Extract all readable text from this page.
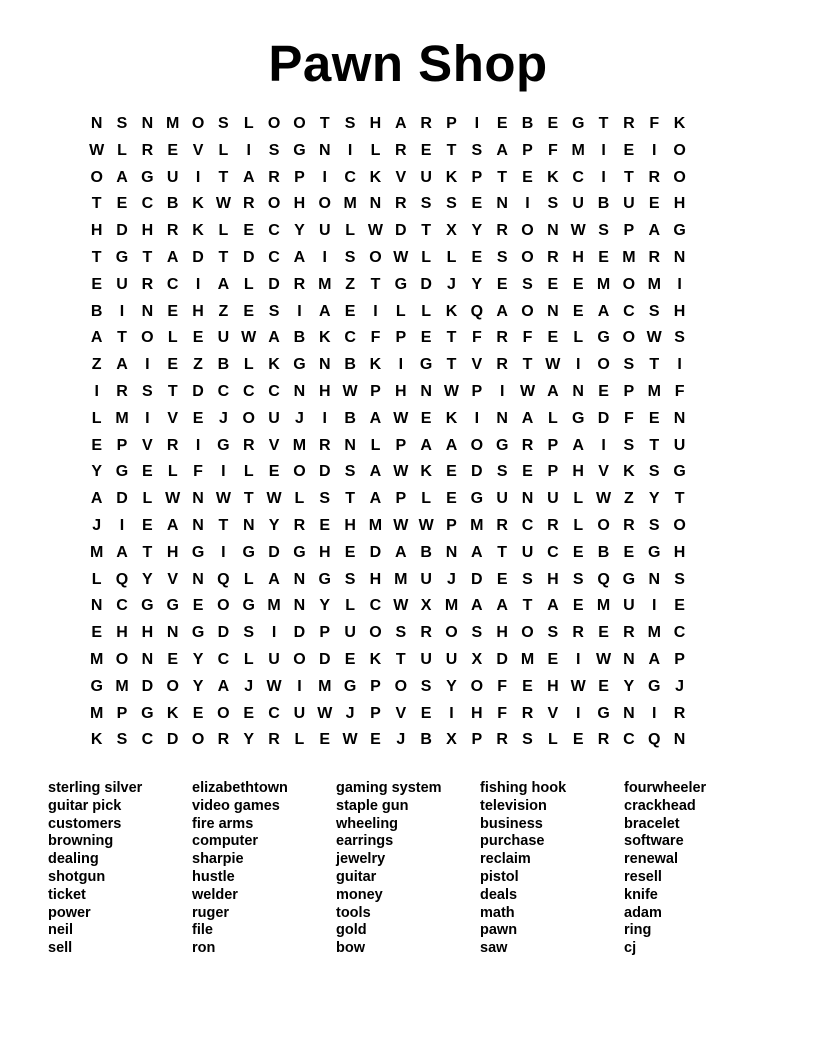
Pawn Shop
N S N M O S L O O T S H A R P	I	E B E G T R F K
W L R E V L	I	S G N	I	L R E T S A P F M	I	E	I	O
O A G U	I	T A R P	I	C K V U K P T E K C	I	T R O
T E C B K W R O H O M N R S S E N	I	S U B U E H
H D H R K L E C Y U L W D T X Y R O N W S P A G
T G T A D T D C A	I	S O W L L E S O R H E M R N
E U R C	I	A L D R M Z T G D J Y E S E E M O M	I
B	I	N E H Z E S	I	A E	I	L L K Q A O N E A C S H
A T O L E U W A B K C F P E T F R F E L G O W S
Z A	I	E Z B L K G N B K	I	G T V R T W I	O S T	I
I	R S T D C C C N H W P H N W P	I W A N E P M F
L M	I	V E J O U J	I	B A W E K	I	N A L G D F E N
E P V R	I	G R V M R N L P A A O G R P A	I	S T U
Y G E L F	I	L E O D S A W K E D S E P H V K S G
A D L W N W T W L S T A P L E G U N U L W Z Y T
J	I	E A N T N Y R E H M W W P M R C R L O R S O
M A T H G	I	G D G H E D A B N A T U C E B E G H
L Q Y V N Q L A N G S H M U J D E S H S Q G N S
N C G G E O G M N Y L C W X M A A T A E M U	I	E
E H H N G D S	I	D P U O S R O S H O S R E R M C
M O N E Y C L U O D E K T U U X D M E	I W N A P
G M D O Y A J W I	M G P O S Y O F E H W E Y G J
M P G K E O E C U W J P V E	I	H F R V	I	G N	I	R
K S C D O R Y R L E W E J B X P R S L E R C Q N
sterling silver
guitar pick
customers
browning
dealing
shotgun
ticket
power
neil
sell
elizabethtown
video games
fire arms
computer
sharpie
hustle
welder
ruger
file
ron
gaming system
staple gun
wheeling
earrings
jewelry
guitar
money
tools
gold
bow
fishing hook
television
business
purchase
reclaim
pistol
deals
math
pawn
saw
fourwheeler
crackhead
bracelet
software
renewal
resell
knife
adam
ring
cj
